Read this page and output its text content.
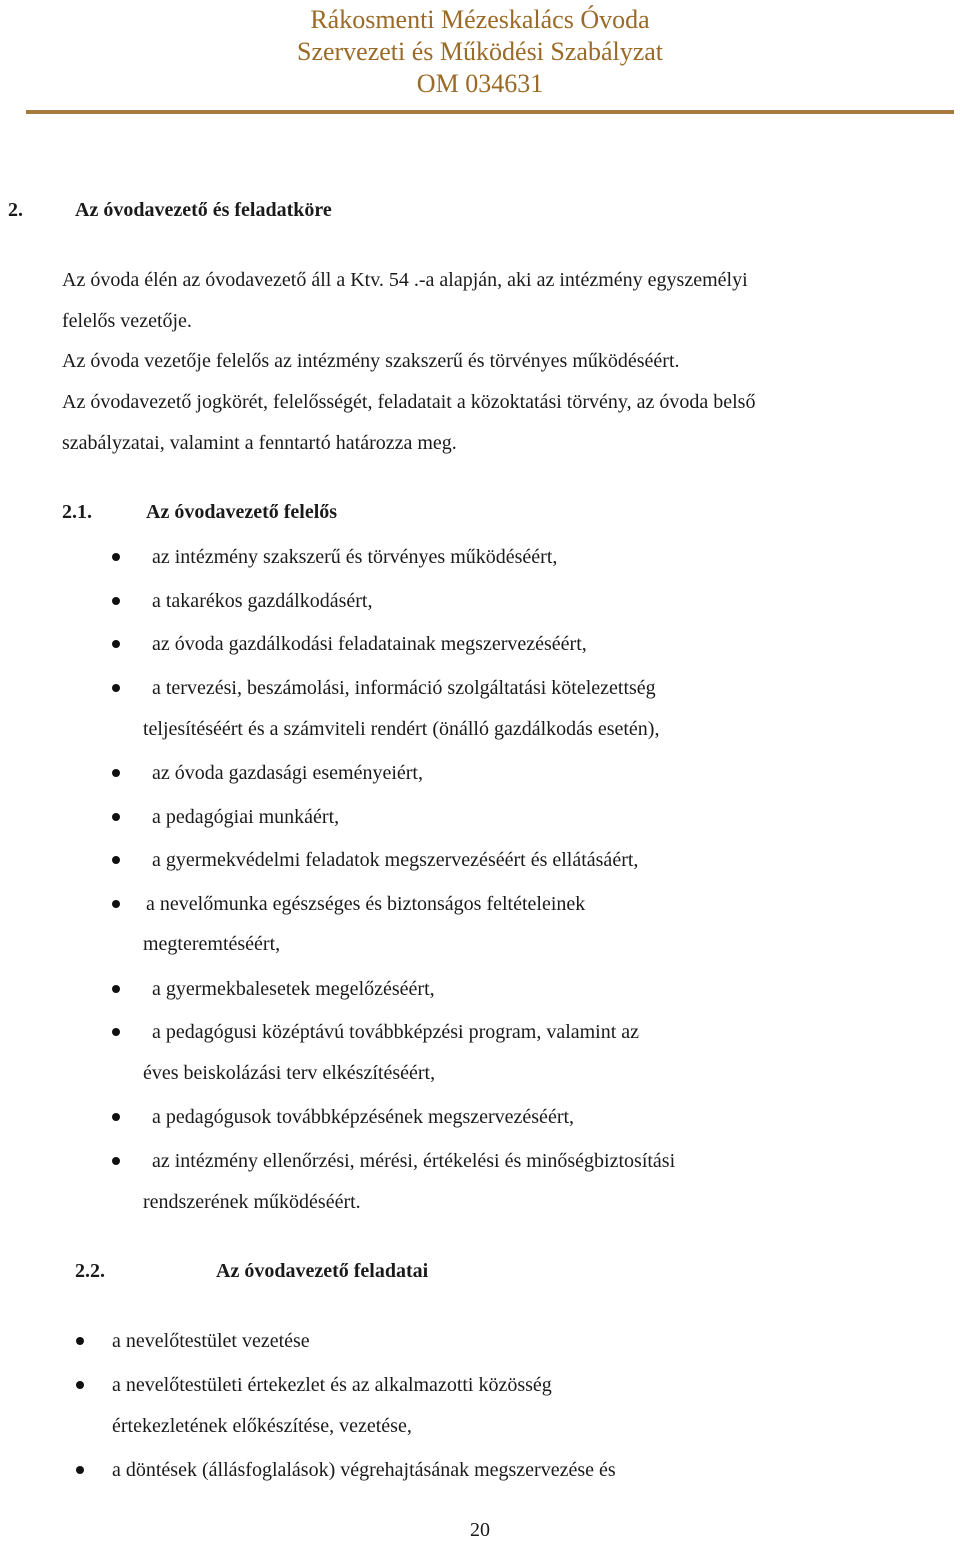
Rákosmenti Mézeskalács Óvoda
Szervezeti és Működési Szabályzat
OM 034631
2.	Az óvodavezető és feladatköre
Az óvoda élén az óvodavezető áll a Ktv. 54 .-a alapján, aki az intézmény egyszemélyi
felelős vezetője.
Az óvoda vezetője felelős az intézmény szakszerű és törvényes működéséért.
Az óvodavezető jogkörét, felelősségét, feladatait a közoktatási törvény, az óvoda belső
szabályzatai, valamint a fenntartó határozza meg.
2.1.	Az óvodavezető felelős
az intézmény szakszerű és törvényes működéséért,
a takarékos gazdálkodásért,
az óvoda gazdálkodási feladatainak megszervezéséért,
a tervezési, beszámolási, információ szolgáltatási kötelezettség
teljesítéséért és a számviteli rendért (önálló gazdálkodás esetén),
az óvoda gazdasági eseményeiért,
a pedagógiai munkáért,
a gyermekvédelmi feladatok megszervezéséért és ellátásáért,
a nevelőmunka egészséges és biztonságos feltételeinek
megteremtéséért,
a gyermekbalesetek megelőzéséért,
a pedagógusi középtávú továbbképzési program, valamint az
éves beiskolázási terv elkészítéséért,
a pedagógusok továbbképzésének megszervezéséért,
az intézmény ellenőrzési, mérési, értékelési és minőségbiztosítási
rendszerének működéséért.
2.2.	Az óvodavezető feladatai
a nevelőtestület vezetése
a nevelőtestületi értekezlet és az alkalmazotti közösség
értekezletének előkészítése, vezetése,
a döntések (állásfoglalások) végrehajtásának megszervezése és
20
